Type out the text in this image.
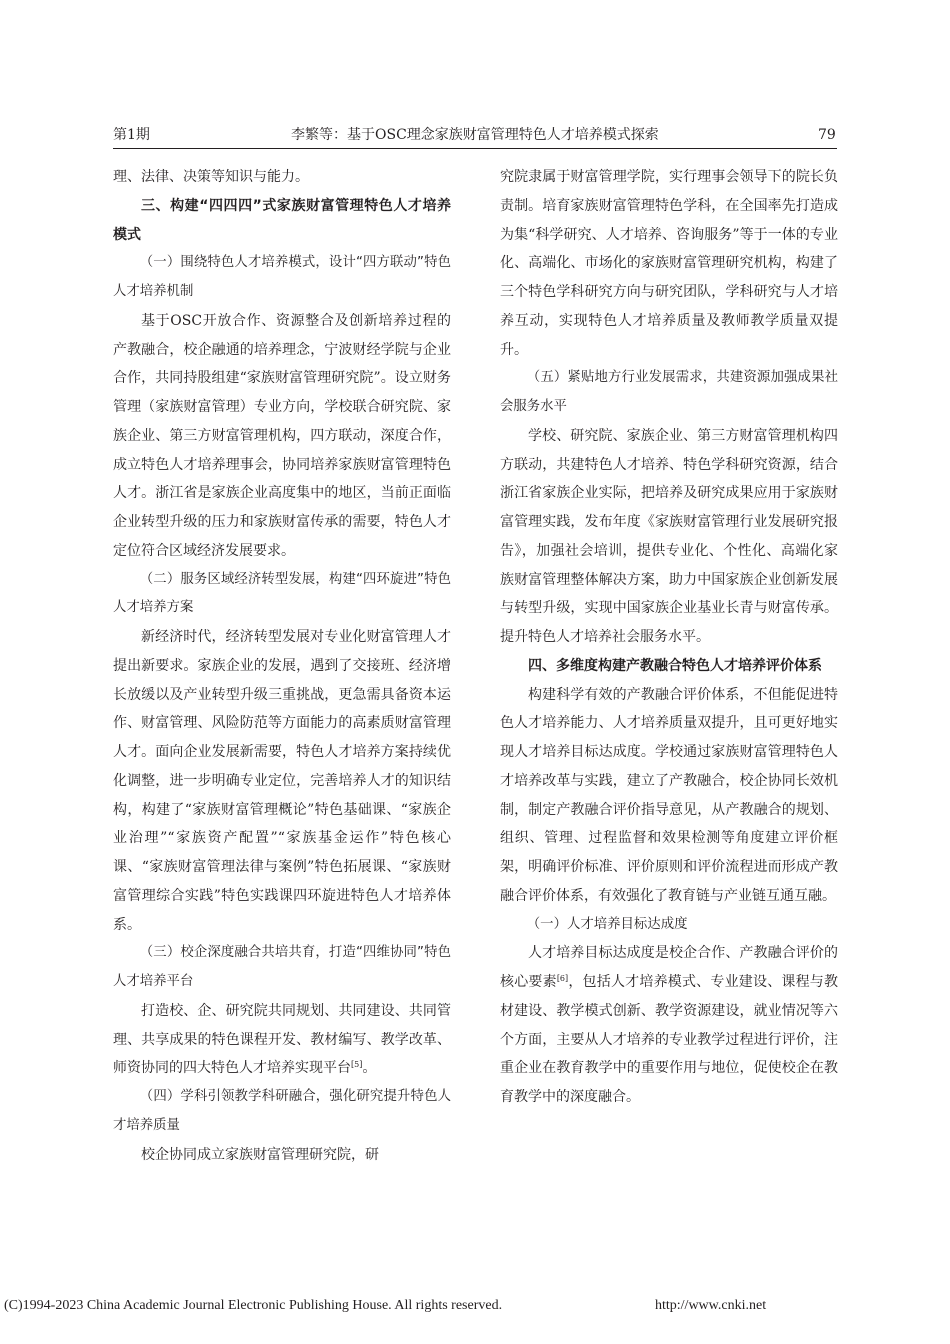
第1期	李繁等：基于OSC理念家族财富管理特色人才培养模式探索	79

理、法律、决策等知识与能力。

三、构建“四四四”式家族财富管理特色人才培养模式

（一）围绕特色人才培养模式，设计“四方联动”特色人才培养机制

基于OSC开放合作、资源整合及创新培养过程的产教融合，校企融通的培养理念，宁波财经学院与企业合作，共同持股组建“家族财富管理研究院”。设立财务管理（家族财富管理）专业方向，学校联合研究院、家族企业、第三方财富管理机构，四方联动，深度合作，成立特色人才培养理事会，协同培养家族财富管理特色人才。浙江省是家族企业高度集中的地区，当前正面临企业转型升级的压力和家族财富传承的需要，特色人才定位符合区域经济发展要求。

（二）服务区域经济转型发展，构建“四环旋进”特色人才培养方案

新经济时代，经济转型发展对专业化财富管理人才提出新要求。家族企业的发展，遇到了交接班、经济增长放缓以及产业转型升级三重挑战，更急需具备资本运作、财富管理、风险防范等方面能力的高素质财富管理人才。面向企业发展新需要，特色人才培养方案持续优化调整，进一步明确专业定位，完善培养人才的知识结构，构建了“家族财富管理概论”特色基础课、“家族企业治理”“家族资产配置”“家族基金运作”特色核心课、“家族财富管理法律与案例”特色拓展课、“家族财富管理综合实践”特色实践课四环旋进特色人才培养体系。

（三）校企深度融合共培共育，打造“四维协同”特色人才培养平台

打造校、企、研究院共同规划、共同建设、共同管理、共享成果的特色课程开发、教材编写、教学改革、师资协同的四大特色人才培养实现平台[5]。

（四）学科引领教学科研融合，强化研究提升特色人才培养质量

校企协同成立家族财富管理研究院，研

究院隶属于财富管理学院，实行理事会领导下的院长负责制。培育家族财富管理特色学科，在全国率先打造成为集“科学研究、人才培养、咨询服务”等于一体的专业化、高端化、市场化的家族财富管理研究机构，构建了三个特色学科研究方向与研究团队，学科研究与人才培养互动，实现特色人才培养质量及教师教学质量双提升。

（五）紧贴地方行业发展需求，共建资源加强成果社会服务水平

学校、研究院、家族企业、第三方财富管理机构四方联动，共建特色人才培养、特色学科研究资源，结合浙江省家族企业实际，把培养及研究成果应用于家族财富管理实践，发布年度《家族财富管理行业发展研究报告》，加强社会培训，提供专业化、个性化、高端化家族财富管理整体解决方案，助力中国家族企业创新发展与转型升级，实现中国家族企业基业长青与财富传承。提升特色人才培养社会服务水平。

四、多维度构建产教融合特色人才培养评价体系

构建科学有效的产教融合评价体系，不但能促进特色人才培养能力、人才培养质量双提升，且可更好地实现人才培养目标达成度。学校通过家族财富管理特色人才培养改革与实践，建立了产教融合，校企协同长效机制，制定产教融合评价指导意见，从产教融合的规划、组织、管理、过程监督和效果检测等角度建立评价框架，明确评价标准、评价原则和评价流程进而形成产教融合评价体系，有效强化了教育链与产业链互通互融。

（一）人才培养目标达成度

人才培养目标达成度是校企合作、产教融合评价的核心要素[6]，包括人才培养模式、专业建设、课程与教材建设、教学模式创新、教学资源建设，就业情况等六个方面，主要从人才培养的专业教学过程进行评价，注重企业在教育教学中的重要作用与地位，促使校企在教育教学中的深度融合。

(C)1994-2023 China Academic Journal Electronic Publishing House. All rights reserved.	http://www.cnki.net
